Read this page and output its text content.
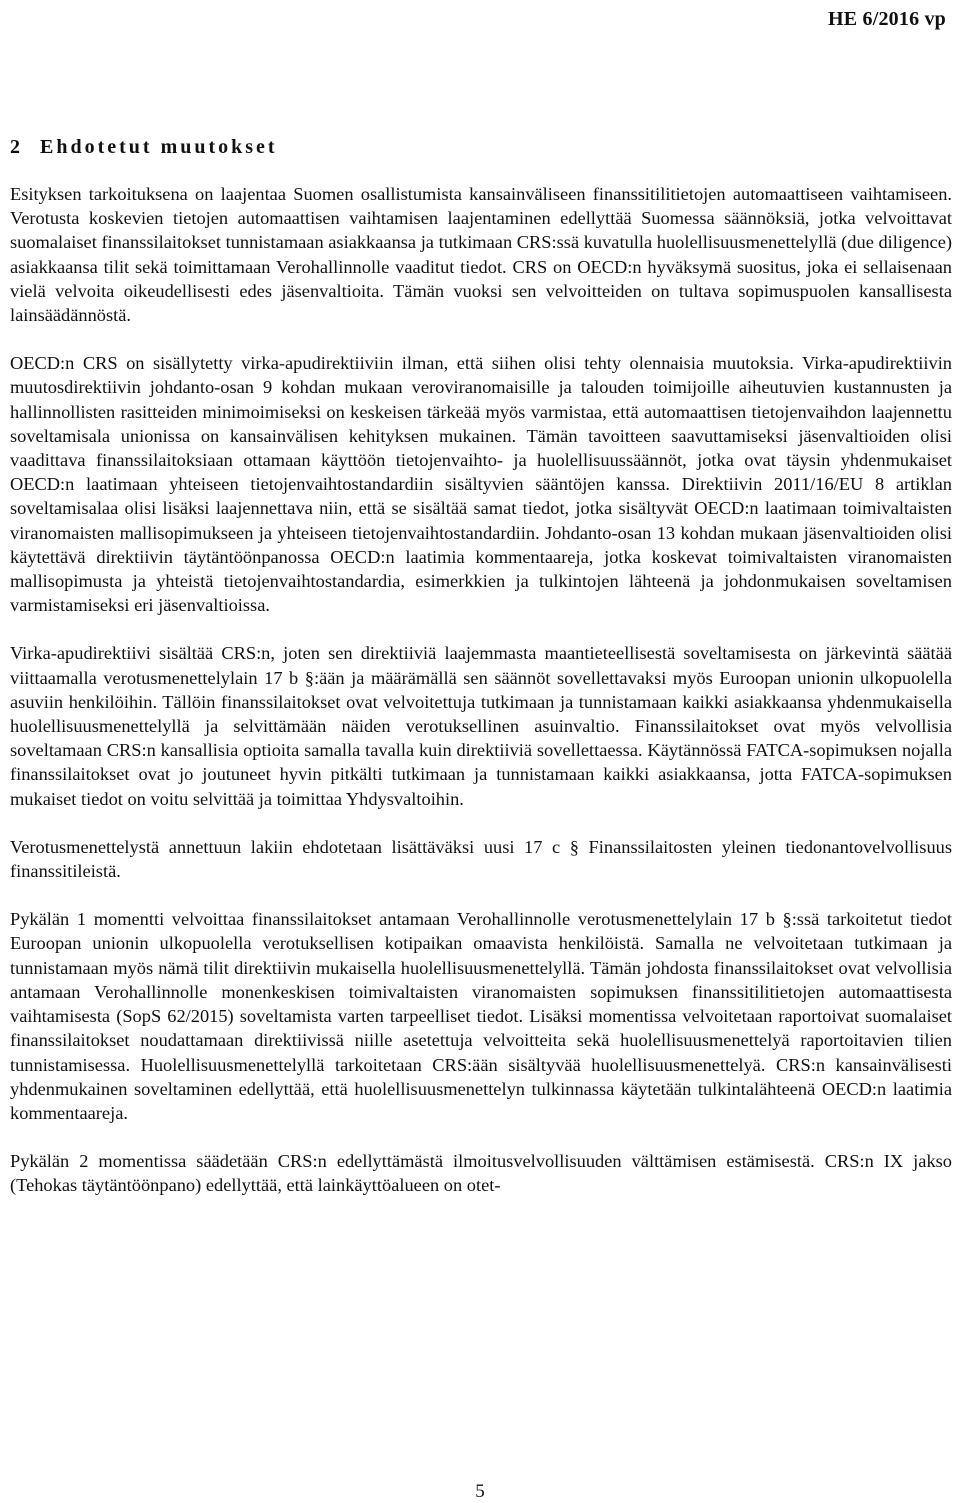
HE 6/2016 vp
2 Ehdotetut muutokset

Esityksen tarkoituksena on laajentaa Suomen osallistumista kansainväliseen finanssitilitietojen automaattiseen vaihtamiseen. Verotusta koskevien tietojen automaattisen vaihtamisen laajentaminen edellyttää Suomessa säännöksiä, jotka velvoittavat suomalaiset finanssilaitokset tunnistamaan asiakkaansa ja tutkimaan CRS:ssä kuvatulla huolellisuusmenettelyllä (due diligence) asiakkaansa tilit sekä toimittamaan Verohallinnolle vaaditut tiedot. CRS on OECD:n hyväksymä suositus, joka ei sellaisenaan vielä velvoita oikeudellisesti edes jäsenvaltioita. Tämän vuoksi sen velvoitteiden on tultava sopimuspuolen kansallisesta lainsäädännöstä.

OECD:n CRS on sisällytetty virka-apudirektiiviin ilman, että siihen olisi tehty olennaisia muutoksia. Virka-apudirektiivin muutosdirektiivin johdanto-osan 9 kohdan mukaan veroviranomaisille ja talouden toimijoille aiheutuvien kustannusten ja hallinnollisten rasitteiden minimoimiseksi on keskeisen tärkeää myös varmistaa, että automaattisen tietojenvaihdon laajennettu soveltamisala unionissa on kansainvälisen kehityksen mukainen. Tämän tavoitteen saavuttamiseksi jäsenvaltioiden olisi vaadittava finanssilaitoksiaan ottamaan käyttöön tietojenvaihto- ja huolellisuussäännöt, jotka ovat täysin yhdenmukaiset OECD:n laatimaan yhteiseen tietojenvaihtostandardiin sisältyvien sääntöjen kanssa. Direktiivin 2011/16/EU 8 artiklan soveltamisalaa olisi lisäksi laajennettava niin, että se sisältää samat tiedot, jotka sisältyvät OECD:n laatimaan toimivaltaisten viranomaisten mallisopimukseen ja yhteiseen tietojenvaihtostandardiin. Johdanto-osan 13 kohdan mukaan jäsenvaltioiden olisi käytettävä direktiivin täytäntöönpanossa OECD:n laatimia kommentaareja, jotka koskevat toimivaltaisten viranomaisten mallisopimusta ja yhteistä tietojenvaihtostandardia, esimerkkien ja tulkintojen lähteenä ja johdonmukaisen soveltamisen varmistamiseksi eri jäsenvaltioissa.

Virka-apudirektiivi sisältää CRS:n, joten sen direktiiviä laajemmasta maantieteellisestä soveltamisesta on järkevintä säätää viittaamalla verotusmenettelylain 17 b §:ään ja määrämällä sen säännöt sovellettavaksi myös Euroopan unionin ulkopuolella asuviin henkilöihin. Tällöin finanssilaitokset ovat velvoitettuja tutkimaan ja tunnistamaan kaikki asiakkaansa yhdenmukaisella huolellisuusmenettelyllä ja selvittämään näiden verotuksellinen asuinvaltio. Finanssilaitokset ovat myös velvollisia soveltamaan CRS:n kansallisia optioita samalla tavalla kuin direktiiviä sovellettaessa. Käytännössä FATCA-sopimuksen nojalla finanssilaitokset ovat jo joutuneet hyvin pitkälti tutkimaan ja tunnistamaan kaikki asiakkaansa, jotta FATCA-sopimuksen mukaiset tiedot on voitu selvittää ja toimittaa Yhdysvaltoihin.

Verotusmenettelystä annettuun lakiin ehdotetaan lisättäväksi uusi 17 c § Finanssilaitosten yleinen tiedonantovelvollisuus finanssitileistä.

Pykälän 1 momentti velvoittaa finanssilaitokset antamaan Verohallinnolle verotusmenettelylain 17 b §:ssä tarkoitetut tiedot Euroopan unionin ulkopuolella verotuksellisen kotipaikan omaavista henkilöistä. Samalla ne velvoitetaan tutkimaan ja tunnistamaan myös nämä tilit direktiivin mukaisella huolellisuusmenettelyllä. Tämän johdosta finanssilaitokset ovat velvollisia antamaan Verohallinnolle monenkeskisen toimivaltaisten viranomaisten sopimuksen finanssitilitietojen automaattisesta vaihtamisesta (SopS 62/2015) soveltamista varten tarpeelliset tiedot. Lisäksi momentissa velvoitetaan raportoivat suomalaiset finanssilaitokset noudattamaan direktiivissä niille asetettuja velvoitteita sekä huolellisuusmenettelyä raportoitavien tilien tunnistamisessa. Huolellisuusmenettelyllä tarkoitetaan CRS:ään sisältyvää huolellisuusmenettelyä. CRS:n kansainvälisesti yhdenmukainen soveltaminen edellyttää, että huolellisuusmenettelyn tulkinnassa käytetään tulkintalähteenä OECD:n laatimia kommentaareja.

Pykälän 2 momentissa säädetään CRS:n edellyttämästä ilmoitusvelvollisuuden välttämisen estämisestä. CRS:n IX jakso (Tehokas täytäntöönpano) edellyttää, että lainkäyttöalueen on otet-

5
